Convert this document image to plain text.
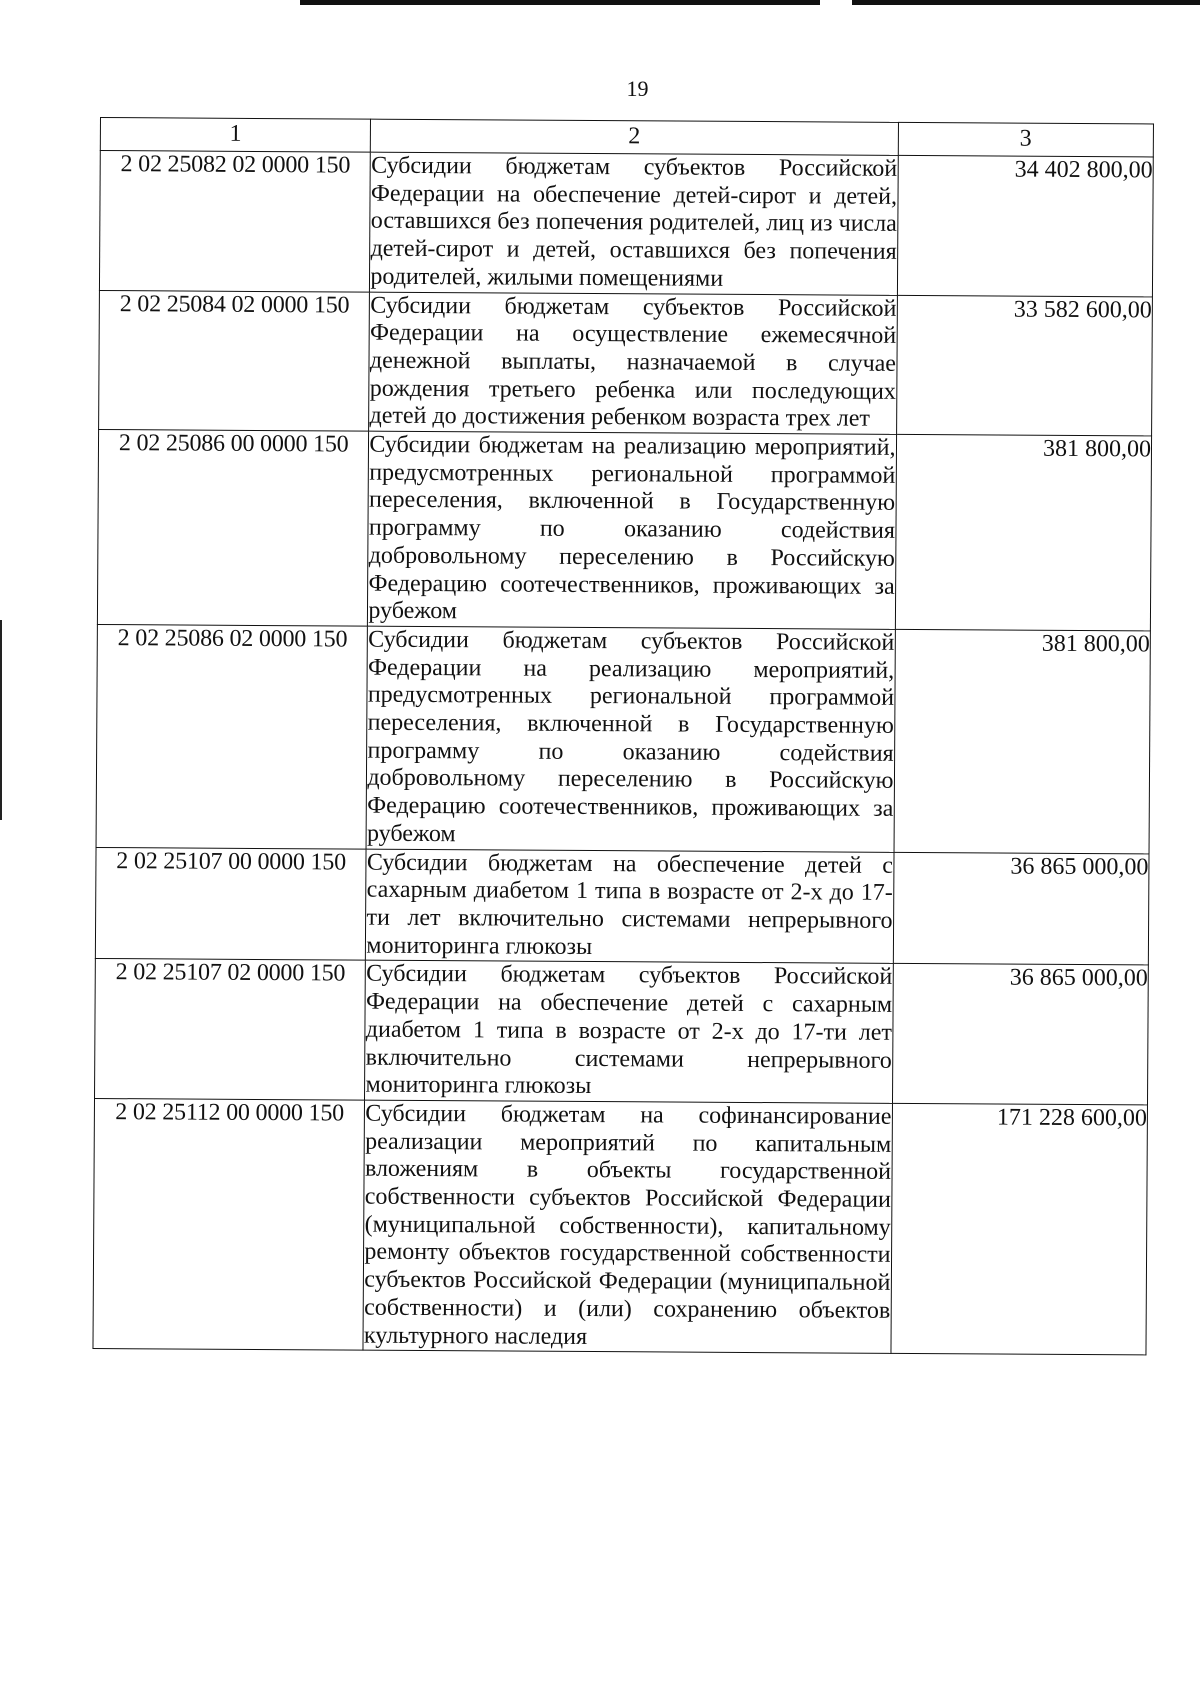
19
1	2	3
2 02 25082 02 0000 150	Субсидии бюджетам субъектов Российской Федерации на обеспечение детей-сирот и детей, оставшихся без попечения родителей, лиц из числа детей-сирот и детей, оставшихся без попечения родителей, жилыми помещениями	34 402 800,00
2 02 25084 02 0000 150	Субсидии бюджетам субъектов Российской Федерации на осуществление ежемесячной денежной выплаты, назначаемой в случае рождения третьего ребенка или последующих детей до достижения ребенком возраста трех лет	33 582 600,00
2 02 25086 00 0000 150	Субсидии бюджетам на реализацию мероприятий, предусмотренных региональной программой переселения, включенной в Государственную программу по оказанию содействия добровольному переселению в Российскую Федерацию соотечественников, проживающих за рубежом	381 800,00
2 02 25086 02 0000 150	Субсидии бюджетам субъектов Российской Федерации на реализацию мероприятий, предусмотренных региональной программой переселения, включенной в Государственную программу по оказанию содействия добровольному переселению в Российскую Федерацию соотечественников, проживающих за рубежом	381 800,00
2 02 25107 00 0000 150	Субсидии бюджетам на обеспечение детей с сахарным диабетом 1 типа в возрасте от 2-х до 17-ти лет включительно системами непрерывного мониторинга глюкозы	36 865 000,00
2 02 25107 02 0000 150	Субсидии бюджетам субъектов Российской Федерации на обеспечение детей с сахарным диабетом 1 типа в возрасте от 2-х до 17-ти лет включительно системами непрерывного мониторинга глюкозы	36 865 000,00
2 02 25112 00 0000 150	Субсидии бюджетам на софинансирование реализации мероприятий по капитальным вложениям в объекты государственной собственности субъектов Российской Федерации (муниципальной собственности), капитальному ремонту объектов государственной собственности субъектов Российской Федерации (муниципальной собственности) и (или) сохранению объектов культурного наследия	171 228 600,00
